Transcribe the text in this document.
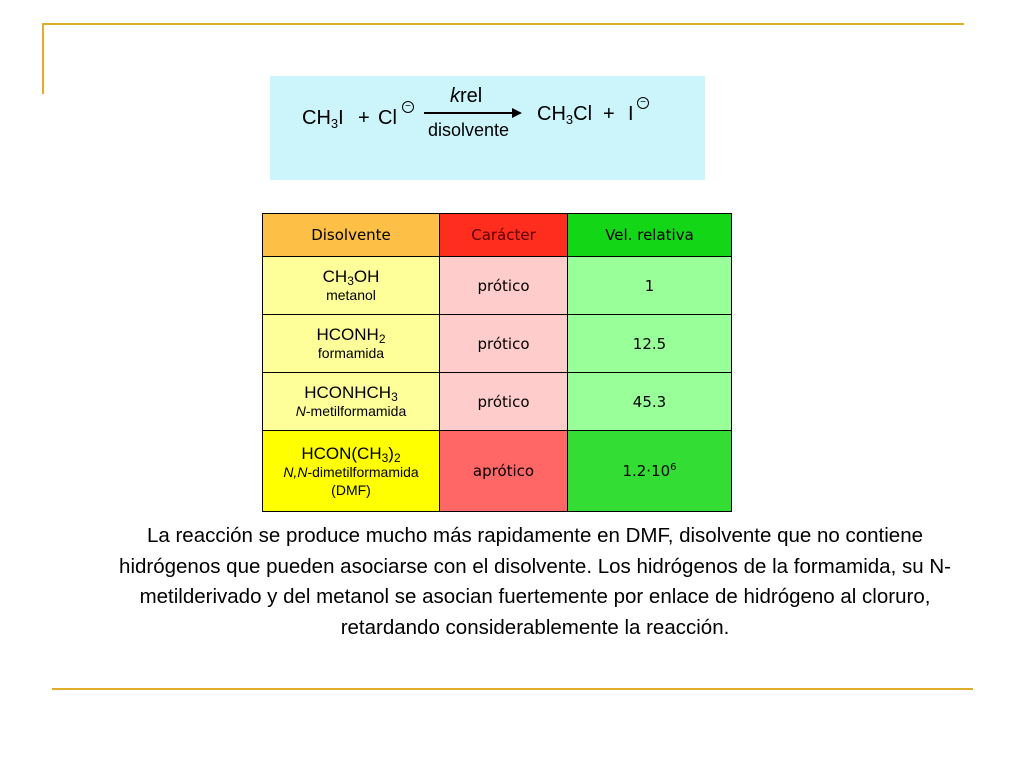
$CH_3I + Cl$
− krel
disolvente
$CH_3Cl + I$
−
Disolvente	Carácter	Vel. relativa

$CH_3OH$
metanol	prótico	1

$HCONH_2$
formamida	prótico	12.5

$HCONHCH_3$
N-metilformamida	prótico	45.3

$HCON(CH_3)_2$
N,N-dimetilformamida
(DMF)	aprótico	$1.2\cdot 10^6$
La reacción se produce mucho más rapidamente en DMF, disolvente que no contiene hidrógenos que pueden asociarse con el disolvente. Los hidrógenos de la formamida, su N-metilderivado y del metanol se asocian fuertemente por enlace de hidrógeno al cloruro, retardando considerablemente la reacción.
